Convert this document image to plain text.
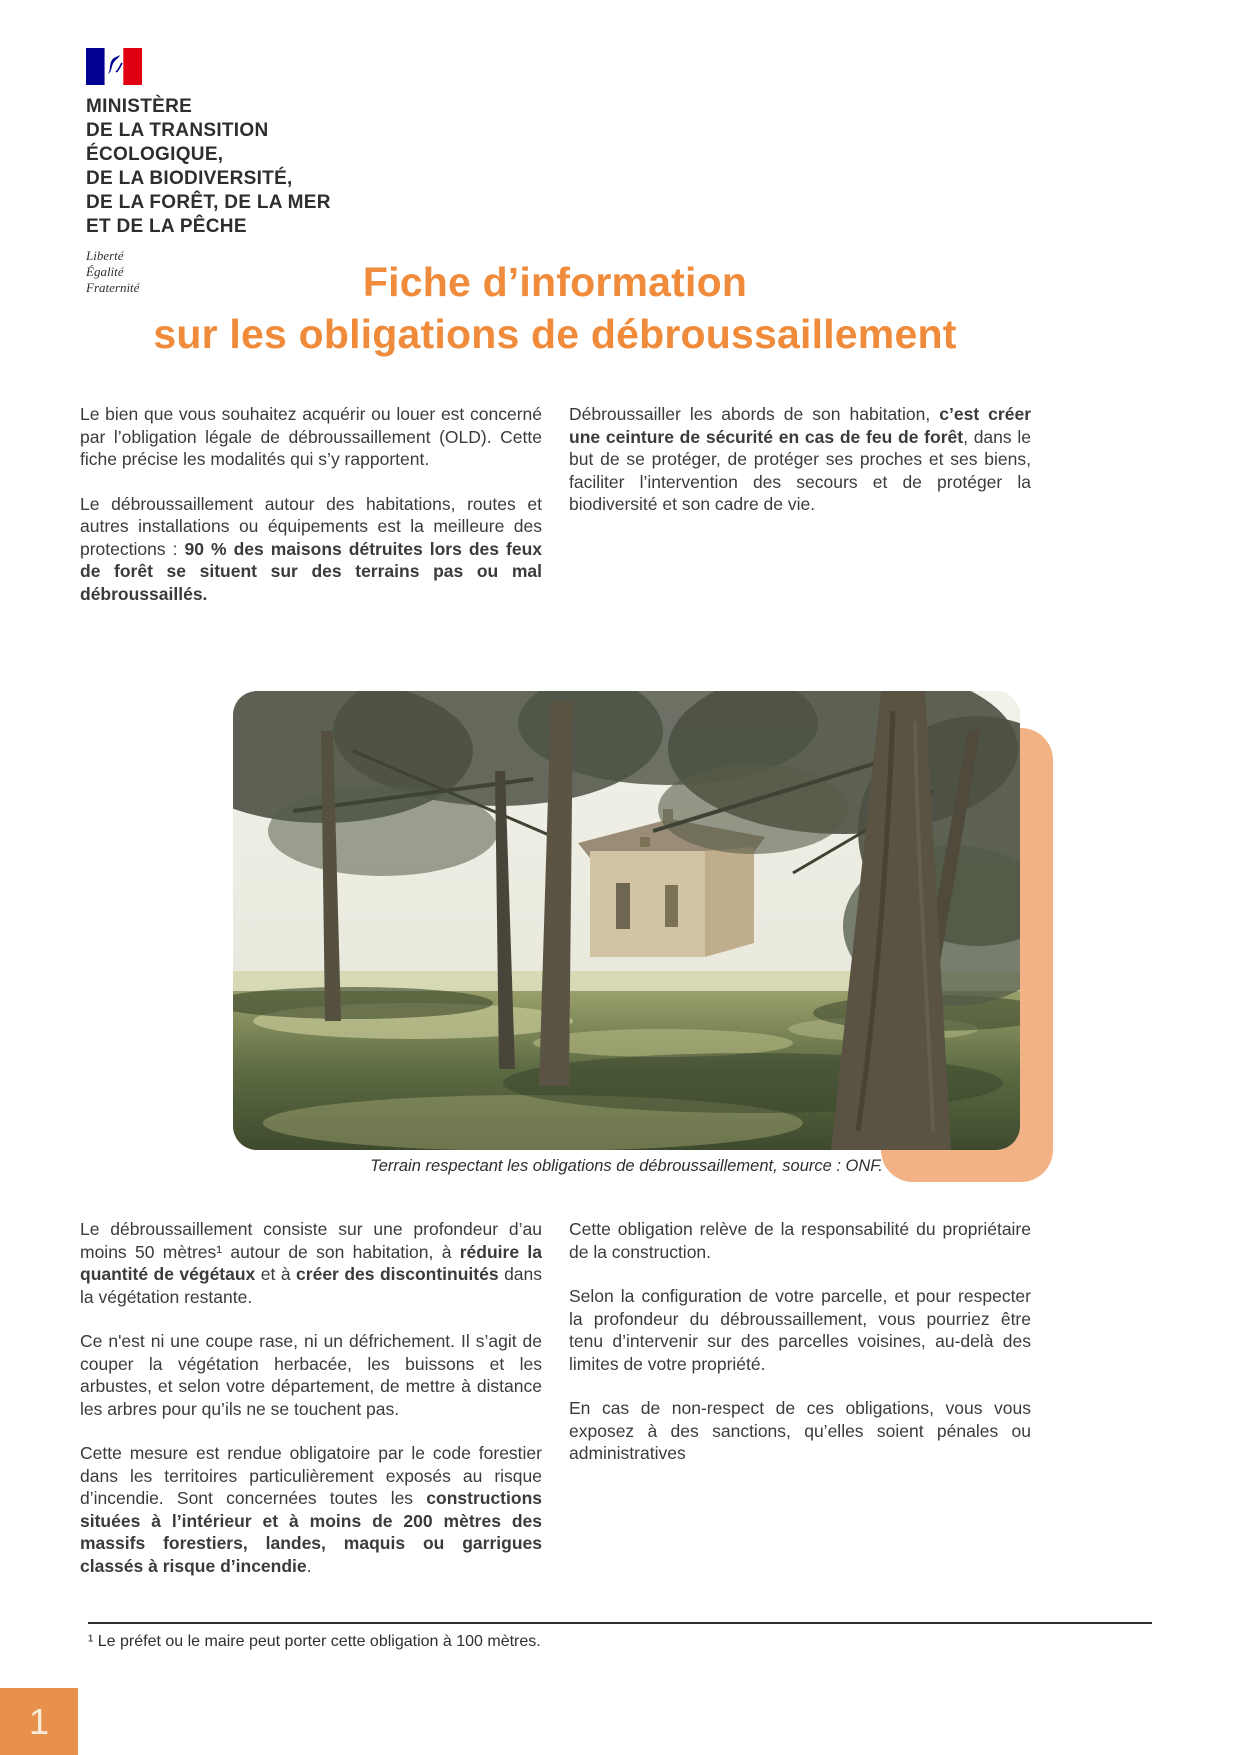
MINISTÈRE
DE LA TRANSITION
ÉCOLOGIQUE,
DE LA BIODIVERSITÉ,
DE LA FORÊT, DE LA MER
ET DE LA PÊCHE
Liberté
Égalité
Fraternité	Fiche d’information
sur les obligations de débroussaillement

Le bien que vous souhaitez acquérir ou louer est concerné par l’obligation légale de débroussaillement (OLD). Cette fiche précise les modalités qui s’y rapportent.

Le débroussaillement autour des habitations, routes et autres installations ou équipements est la meilleure des protections : 90 % des maisons détruites lors des feux de forêt se situent sur des terrains pas ou mal débroussaillés.

Débroussailler les abords de son habitation, c’est créer une ceinture de sécurité en cas de feu de forêt, dans le but de se protéger, de protéger ses proches et ses biens, faciliter l’intervention des secours et de protéger la biodiversité et son cadre de vie.

Terrain respectant les obligations de débroussaillement, source : ONF.

Le débroussaillement consiste sur une profondeur d’au moins 50 mètres¹ autour de son habitation, à réduire la quantité de végétaux et à créer des discontinuités dans la végétation restante.

Ce n'est ni une coupe rase, ni un défrichement. Il s’agit de couper la végétation herbacée, les buissons et les arbustes, et selon votre département, de mettre à distance les arbres pour qu’ils ne se touchent pas.

Cette mesure est rendue obligatoire par le code forestier dans les territoires particulièrement exposés au risque d’incendie. Sont concernées toutes les constructions situées à l’intérieur et à moins de 200 mètres des massifs forestiers, landes, maquis ou garrigues classés à risque d’incendie.

Cette obligation relève de la responsabilité du propriétaire de la construction.

Selon la configuration de votre parcelle, et pour respecter la profondeur du débroussaillement, vous pourriez être tenu d’intervenir sur des parcelles voisines, au-delà des limites de votre propriété.

En cas de non-respect de ces obligations, vous vous exposez à des sanctions, qu’elles soient pénales ou administratives

¹ Le préfet ou le maire peut porter cette obligation à 100 mètres.
1
